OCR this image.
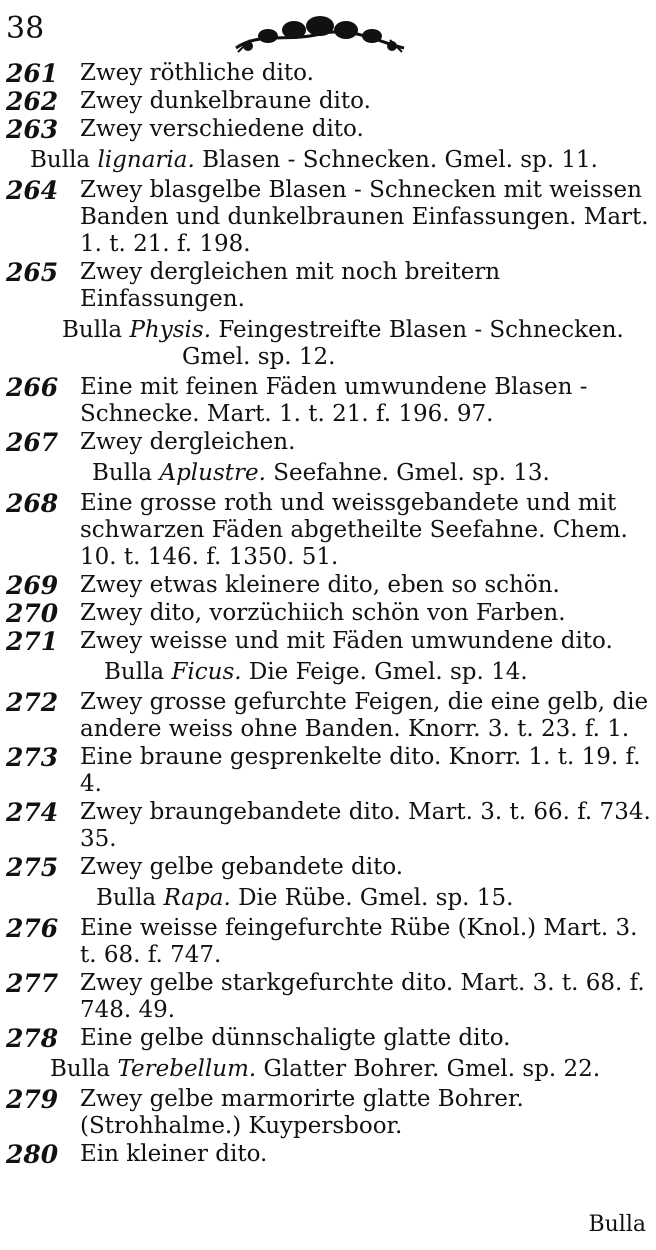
38
261 Zwey röthliche dito.
262 Zwey dunkelbraune dito.
263 Zwey verschiedene dito.
Bulla lignaria. Blasen - Schnecken. Gmel. sp. 11.
264 Zwey blasgelbe Blasen - Schnecken mit weissen Banden und dunkelbraunen Einfassungen. Mart. 1. t. 21. f. 198.
265 Zwey dergleichen mit noch breitern Einfassungen.
Bulla Physis. Feingestreifte Blasen - Schnecken.
Gmel. sp. 12.
266 Eine mit feinen Fäden umwundene Blasen - Schnecke. Mart. 1. t. 21. f. 196. 97.
267 Zwey dergleichen.
Bulla Aplustre. Seefahne. Gmel. sp. 13.
268 Eine grosse roth und weissgebandete und mit schwarzen Fäden abgetheilte Seefahne. Chem. 10. t. 146. f. 1350. 51.
269 Zwey etwas kleinere dito, eben so schön.
270 Zwey dito, vorzüchiich schön von Farben.
271 Zwey weisse und mit Fäden umwundene dito.
Bulla Ficus. Die Feige. Gmel. sp. 14.
272 Zwey grosse gefurchte Feigen, die eine gelb, die andere weiss ohne Banden. Knorr. 3. t. 23. f. 1.
273 Eine braune gesprenkelte dito. Knorr. 1. t. 19. f. 4.
274 Zwey braungebandete dito. Mart. 3. t. 66. f. 734. 35.
275 Zwey gelbe gebandete dito.
Bulla Rapa. Die Rübe. Gmel. sp. 15.
276 Eine weisse feingefurchte Rübe (Knol.) Mart. 3. t. 68. f. 747.
277 Zwey gelbe starkgefurchte dito. Mart. 3. t. 68. f. 748. 49.
278 Eine gelbe dünnschaligte glatte dito.
Bulla Terebellum. Glatter Bohrer. Gmel. sp. 22.
279 Zwey gelbe marmorirte glatte Bohrer. (Strohhalme.) Kuypersboor.
280 Ein kleiner dito.
Bulla
